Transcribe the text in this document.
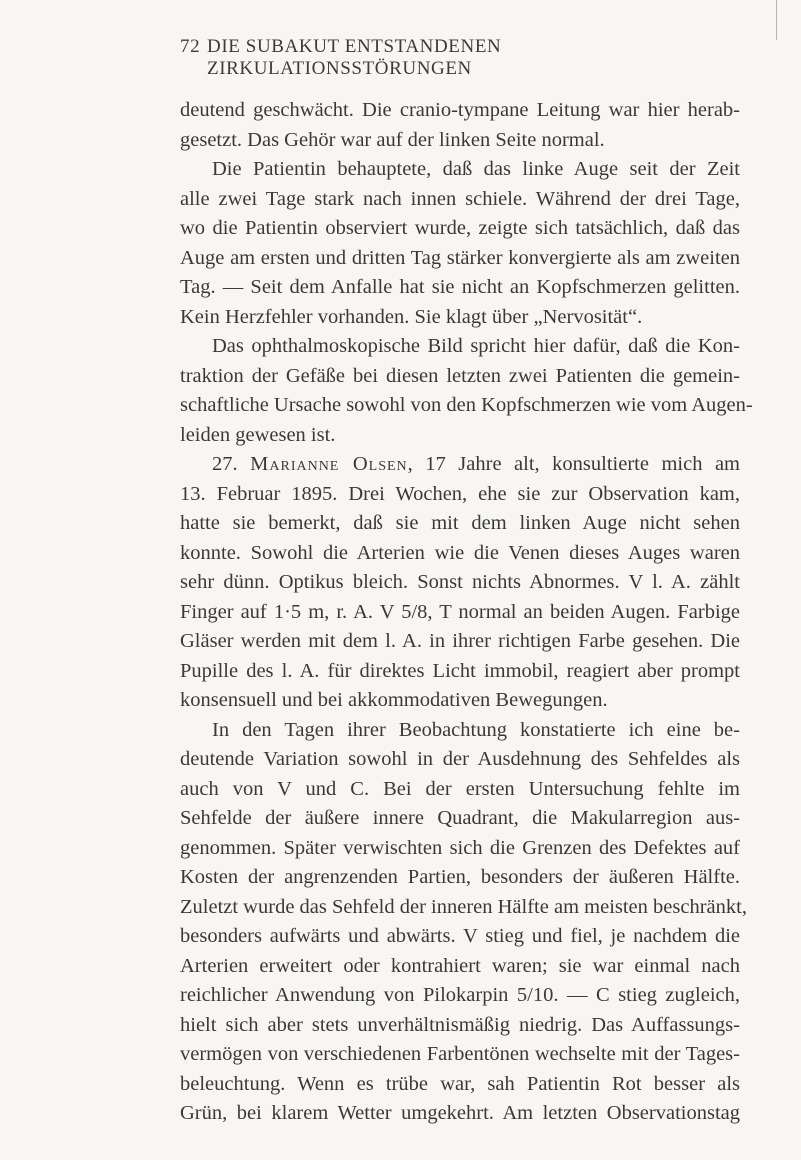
72 DIE SUBAKUT ENTSTANDENEN ZIRKULATIONSSTÖRUNGEN
deutend geschwächt. Die cranio-tympane Leitung war hier herab-
gesetzt. Das Gehör war auf der linken Seite normal.
Die Patientin behauptete, daß das linke Auge seit der Zeit
alle zwei Tage stark nach innen schiele. Während der drei Tage,
wo die Patientin observiert wurde, zeigte sich tatsächlich, daß das
Auge am ersten und dritten Tag stärker konvergierte als am zweiten
Tag. — Seit dem Anfalle hat sie nicht an Kopfschmerzen gelitten.
Kein Herzfehler vorhanden. Sie klagt über „Nervosität“.
Das ophthalmoskopische Bild spricht hier dafür, daß die Kon-
traktion der Gefäße bei diesen letzten zwei Patienten die gemein-
schaftliche Ursache sowohl von den Kopfschmerzen wie vom Augen-
leiden gewesen ist.
27. Marianne Olsen, 17 Jahre alt, konsultierte mich am
13. Februar 1895. Drei Wochen, ehe sie zur Observation kam,
hatte sie bemerkt, daß sie mit dem linken Auge nicht sehen
konnte. Sowohl die Arterien wie die Venen dieses Auges waren
sehr dünn. Optikus bleich. Sonst nichts Abnormes. V l. A. zählt
Finger auf 1·5 m, r. A. V 5/8, T normal an beiden Augen. Farbige
Gläser werden mit dem l. A. in ihrer richtigen Farbe gesehen. Die
Pupille des l. A. für direktes Licht immobil, reagiert aber prompt
konsensuell und bei akkommodativen Bewegungen.
In den Tagen ihrer Beobachtung konstatierte ich eine be-
deutende Variation sowohl in der Ausdehnung des Sehfeldes als
auch von V und C. Bei der ersten Untersuchung fehlte im
Sehfelde der äußere innere Quadrant, die Makularregion aus-
genommen. Später verwischten sich die Grenzen des Defektes auf
Kosten der angrenzenden Partien, besonders der äußeren Hälfte.
Zuletzt wurde das Sehfeld der inneren Hälfte am meisten beschränkt,
besonders aufwärts und abwärts. V stieg und fiel, je nachdem die
Arterien erweitert oder kontrahiert waren; sie war einmal nach
reichlicher Anwendung von Pilokarpin 5/10. — C stieg zugleich,
hielt sich aber stets unverhältnismäßig niedrig. Das Auffassungs-
vermögen von verschiedenen Farbentönen wechselte mit der Tages-
beleuchtung. Wenn es trübe war, sah Patientin Rot besser als
Grün, bei klarem Wetter umgekehrt. Am letzten Observationstag
